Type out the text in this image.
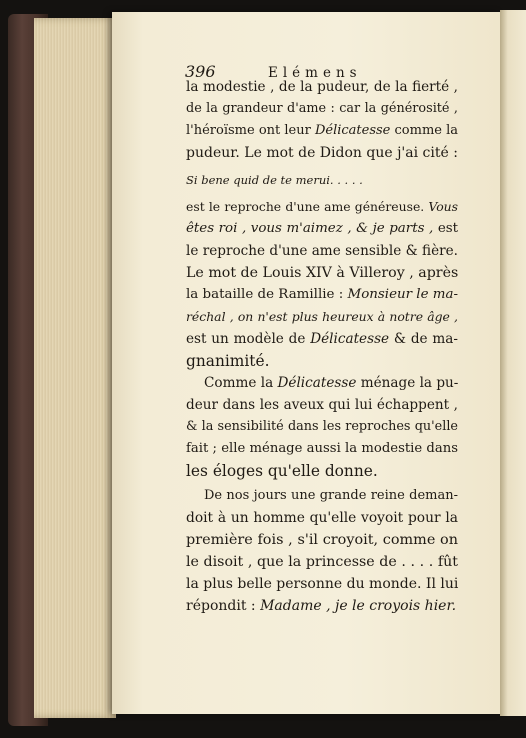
396	Elémens
Si bene quid de te merui. . . . .
la modestie , de la pudeur, de la fierté ,
de la grandeur d'ame : car la générosité ,
l'héroïsme ont leur Délicatesse comme la
pudeur. Le mot de Didon que j'ai cité :
est le reproche d'une ame généreuse. Vous
êtes roi , vous m'aimez , & je parts , est
le reproche d'une ame sensible & fière.
Le mot de Louis XIV à Villeroy , après
la bataille de Ramillie : Monsieur le ma-
réchal , on n'est plus heureux à notre âge ,
est un modèle de Délicatesse & de ma-
gnanimité.
Comme la Délicatesse ménage la pu-
deur dans les aveux qui lui échappent ,
& la sensibilité dans les reproches qu'elle
fait ; elle ménage aussi la modestie dans
les éloges qu'elle donne.
De nos jours une grande reine deman-
doit à un homme qu'elle voyoit pour la
première fois , s'il croyoit, comme on
le disoit , que la princesse de . . . . fût
la plus belle personne du monde. Il lui
répondit : Madame , je le croyois hier.
